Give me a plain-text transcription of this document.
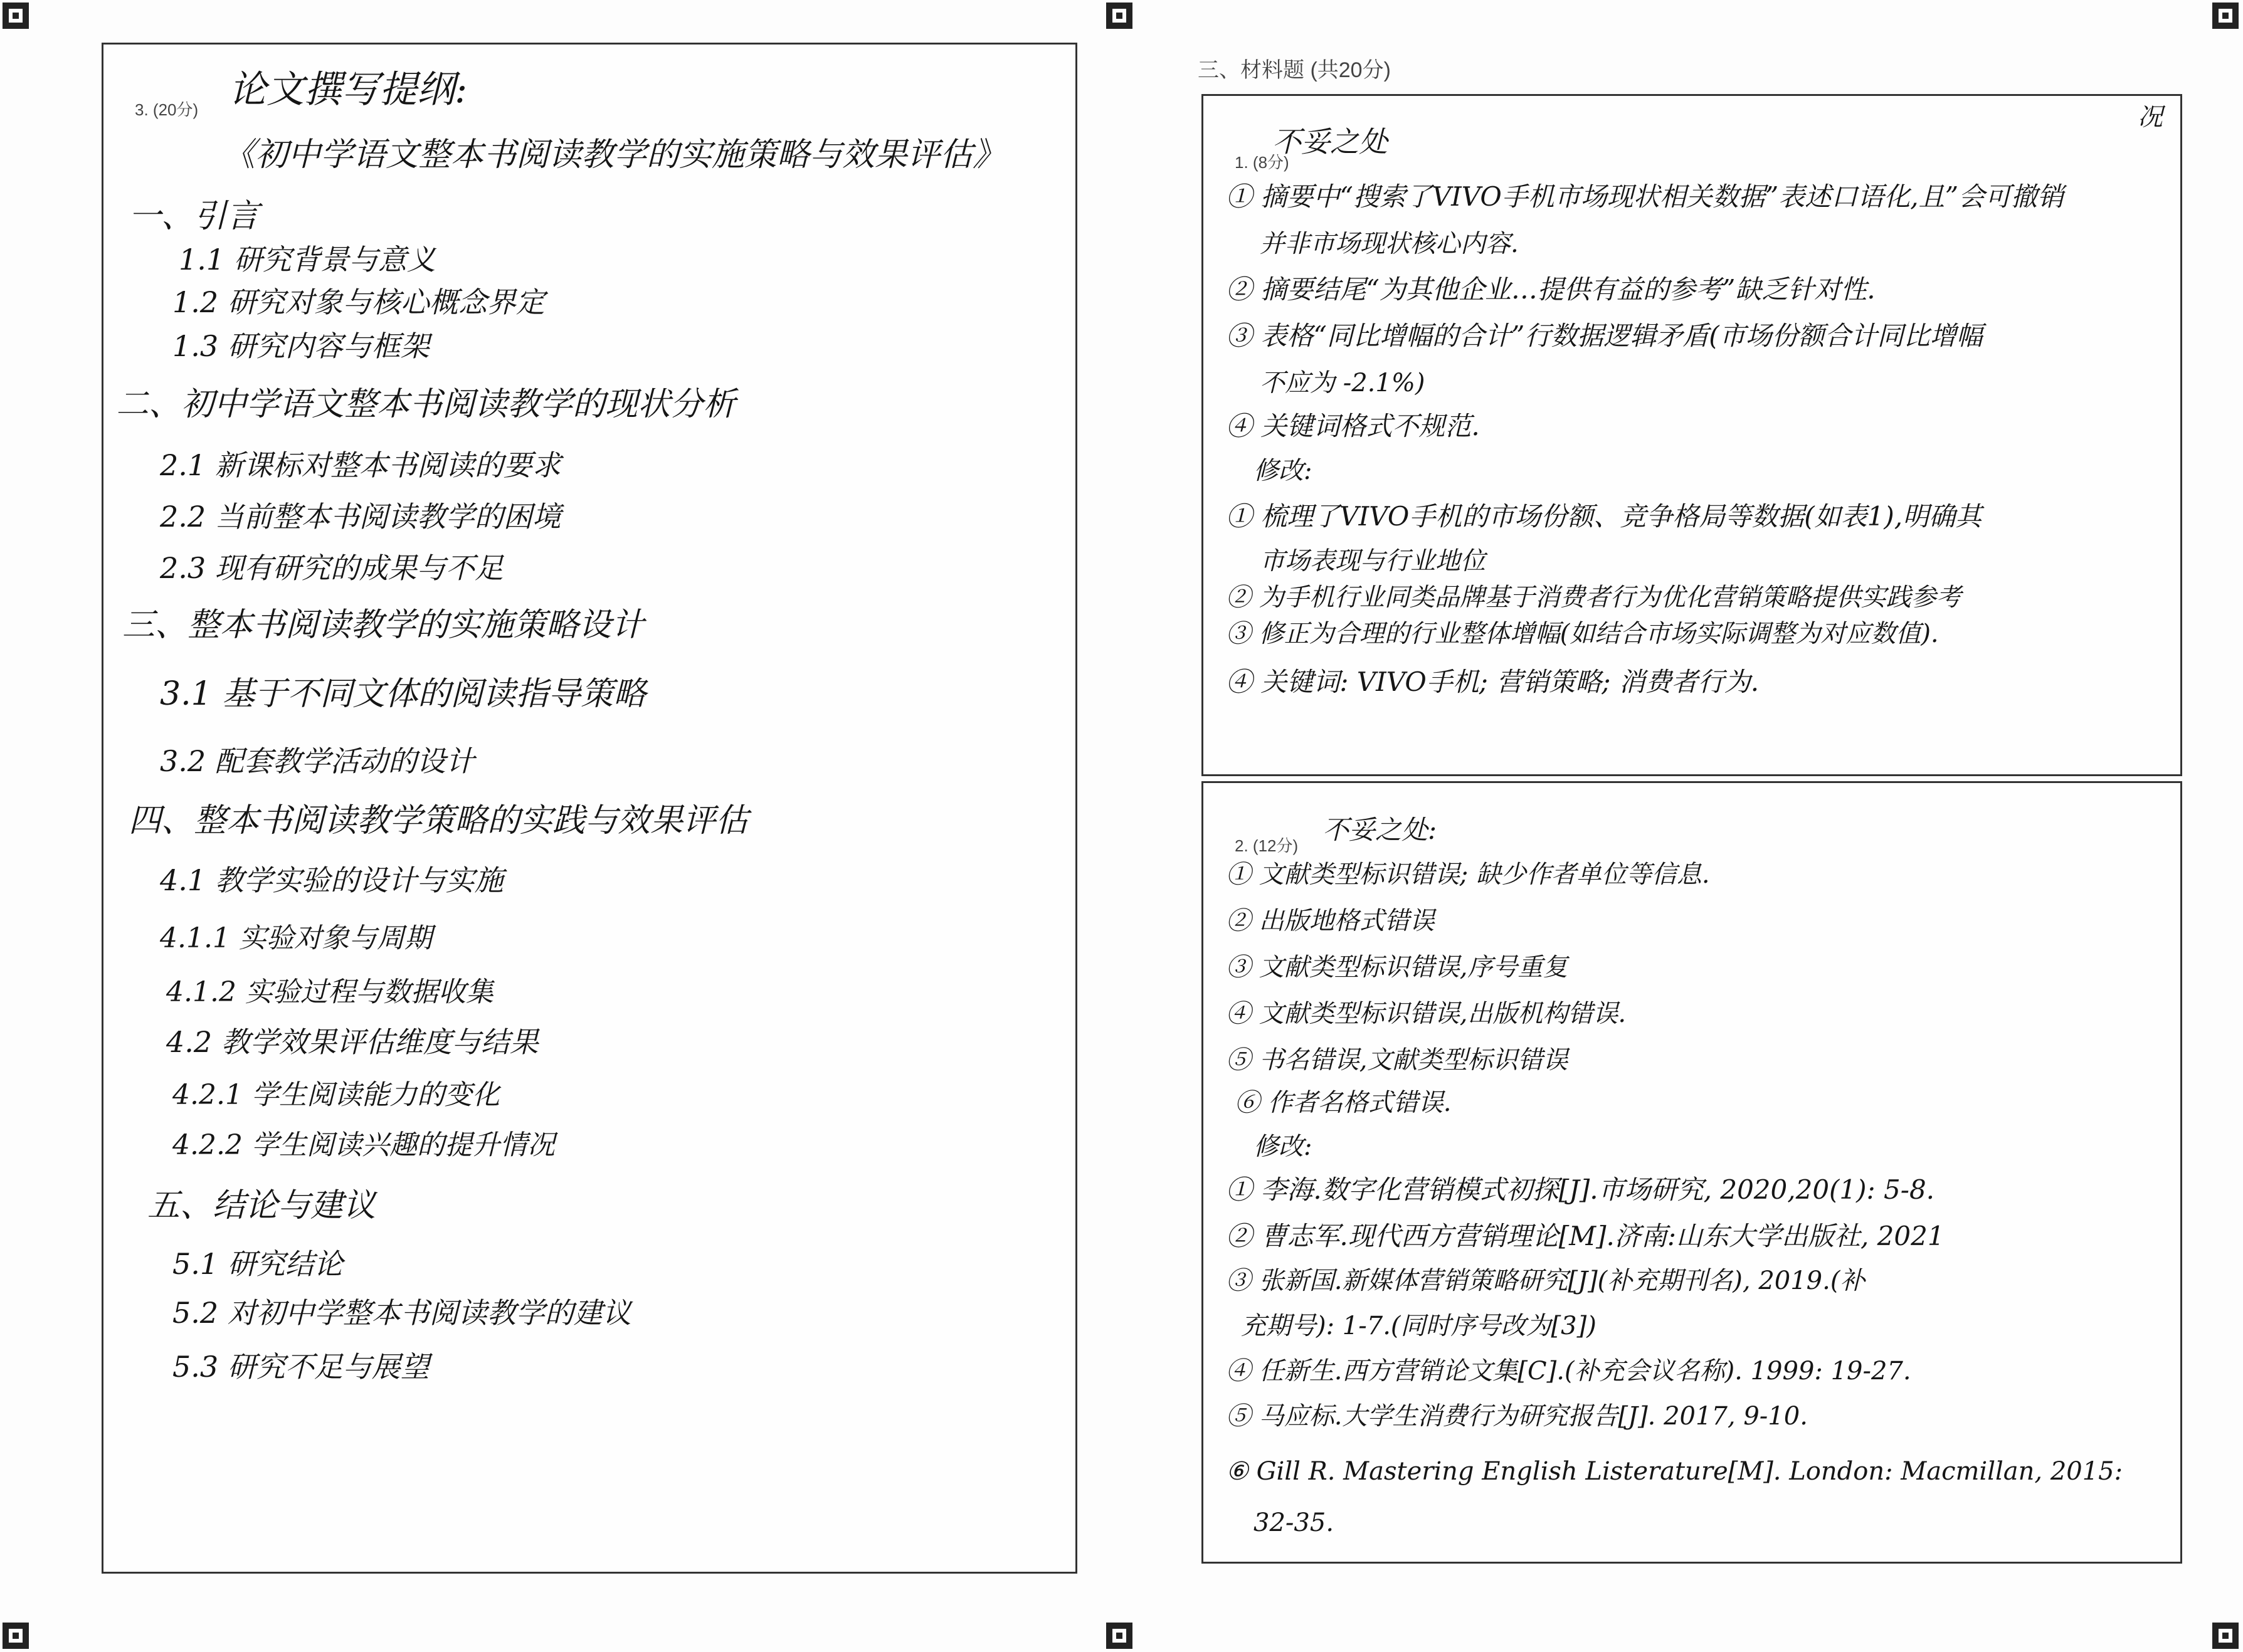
3. (20分) 论文撰写提纲:
《初中学语文整本书阅读教学的实施策略与效果评估》
一、引言
1.1 研究背景与意义
1.2 研究对象与核心概念界定
1.3 研究内容与框架
二、初中学语文整本书阅读教学的现状分析
2.1 新课标对整本书阅读的要求
2.2 当前整本书阅读教学的困境
2.3 现有研究的成果与不足
三、整本书阅读教学的实施策略设计
3.1 基于不同文体的阅读指导策略
3.2 配套教学活动的设计
四、整本书阅读教学策略的实践与效果评估
4.1 教学实验的设计与实施
4.1.1 实验对象与周期
4.1.2 实验过程与数据收集
4.2 教学效果评估维度与结果
4.2.1 学生阅读能力的变化
4.2.2 学生阅读兴趣的提升情况
五、结论与建议
5.1 研究结论
5.2 对初中学整本书阅读教学的建议
5.3 研究不足与展望
三、材料题 (共20分)
1. (8分)
不妥之处
况
① 摘要中“搜索了VIVO手机市场现状相关数据”表述口语化,且”会可撤销
并非市场现状核心内容.
② 摘要结尾“为其他企业…提供有益的参考”缺乏针对性.
③ 表格“同比增幅的合计”行数据逻辑矛盾(市场份额合计同比增幅
不应为 -2.1%)
④ 关键词格式不规范.
修改:
① 梳理了VIVO手机的市场份额、竞争格局等数据(如表1),明确其
市场表现与行业地位
② 为手机行业同类品牌基于消费者行为优化营销策略提供实践参考
③ 修正为合理的行业整体增幅(如结合市场实际调整为对应数值).
④ 关键词: VIVO手机; 营销策略; 消费者行为.
2. (12分)
不妥之处:
① 文献类型标识错误; 缺少作者单位等信息.
② 出版地格式错误
③ 文献类型标识错误,序号重复
④ 文献类型标识错误,出版机构错误.
⑤ 书名错误,文献类型标识错误
⑥ 作者名格式错误.
修改:
① 李海.数字化营销模式初探[J].市场研究, 2020,20(1): 5-8.
② 曹志军.现代西方营销理论[M].济南:山东大学出版社, 2021
③ 张新国.新媒体营销策略研究[J](补充期刊名), 2019.(补
充期号): 1-7.(同时序号改为[3])
④ 任新生.西方营销论文集[C].(补充会议名称). 1999: 19-27.
⑤ 马应标.大学生消费行为研究报告[J]. 2017, 9-10.
⑥ Gill R. Mastering English Listerature[M]. London: Macmillan, 2015:
32-35.
